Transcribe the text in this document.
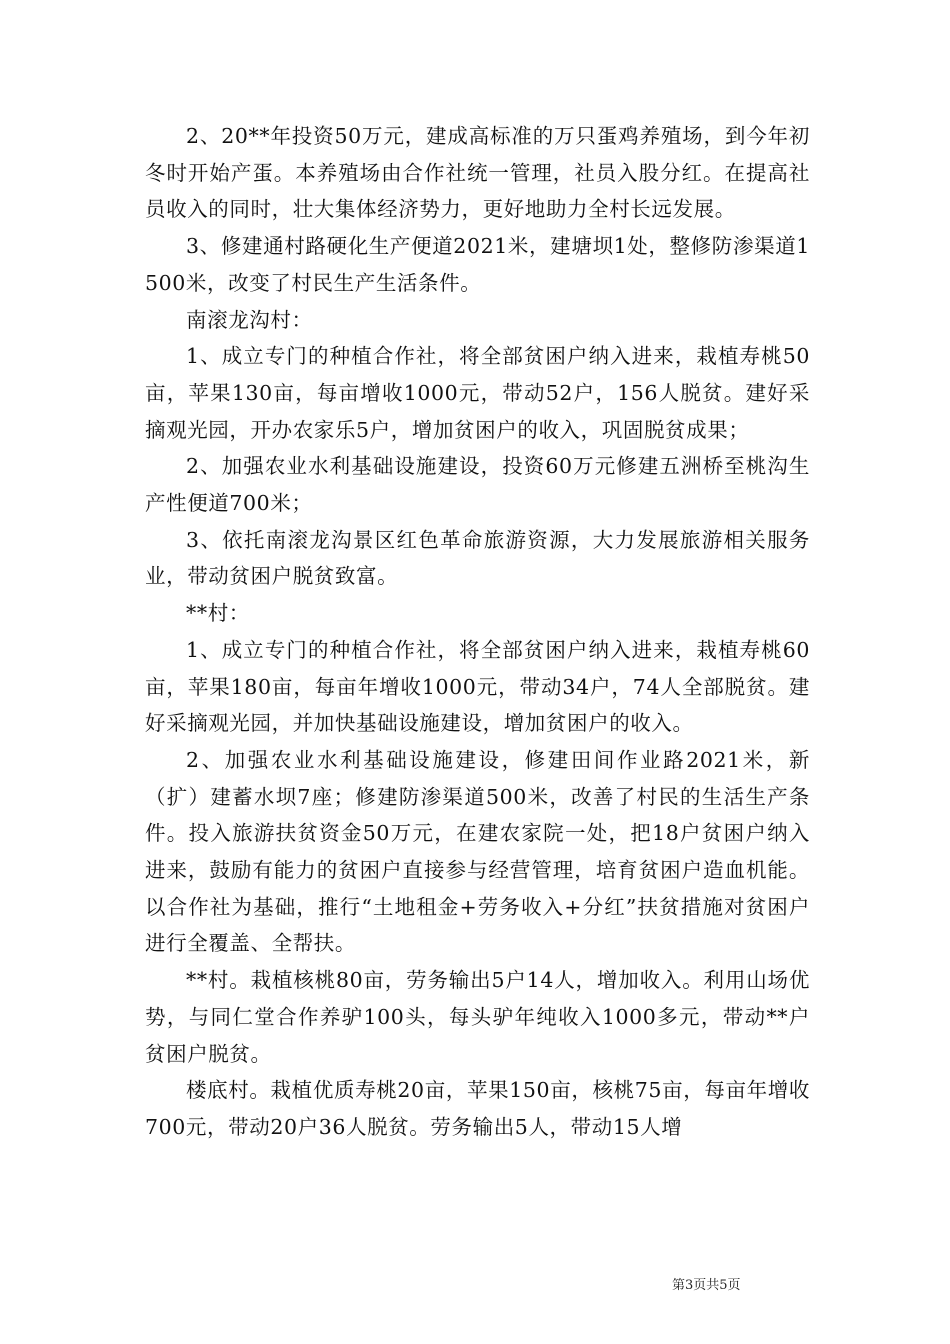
2、20**年投资50万元，建成高标准的万只蛋鸡养殖场，到今年初冬时开始产蛋。本养殖场由合作社统一管理，社员入股分红。在提高社员收入的同时，壮大集体经济势力，更好地助力全村长远发展。

3、修建通村路硬化生产便道2021米，建塘坝1处，整修防渗渠道1500米，改变了村民生产生活条件。

南滚龙沟村：

1、成立专门的种植合作社，将全部贫困户纳入进来，栽植寿桃50亩，苹果130亩，每亩增收1000元，带动52户，156人脱贫。建好采摘观光园，开办农家乐5户，增加贫困户的收入，巩固脱贫成果；

2、加强农业水利基础设施建设，投资60万元修建五洲桥至桃沟生产性便道700米；

3、依托南滚龙沟景区红色革命旅游资源，大力发展旅游相关服务业，带动贫困户脱贫致富。

**村：

1、成立专门的种植合作社，将全部贫困户纳入进来，栽植寿桃60亩，苹果180亩，每亩年增收1000元，带动34户，74人全部脱贫。建好采摘观光园，并加快基础设施建设，增加贫困户的收入。

2、加强农业水利基础设施建设，修建田间作业路2021米，新（扩）建蓄水坝7座；修建防渗渠道500米，改善了村民的生活生产条件。投入旅游扶贫资金50万元，在建农家院一处，把18户贫困户纳入进来，鼓励有能力的贫困户直接参与经营管理，培育贫困户造血机能。以合作社为基础，推行“土地租金+劳务收入+分红”扶贫措施对贫困户进行全覆盖、全帮扶。

**村。栽植核桃80亩，劳务输出5户14人，增加收入。利用山场优势，与同仁堂合作养驴100头，每头驴年纯收入1000多元，带动**户贫困户脱贫。

楼底村。栽植优质寿桃20亩，苹果150亩，核桃75亩，每亩年增收700元，带动20户36人脱贫。劳务输出5人，带动15人增

第3页共5页
